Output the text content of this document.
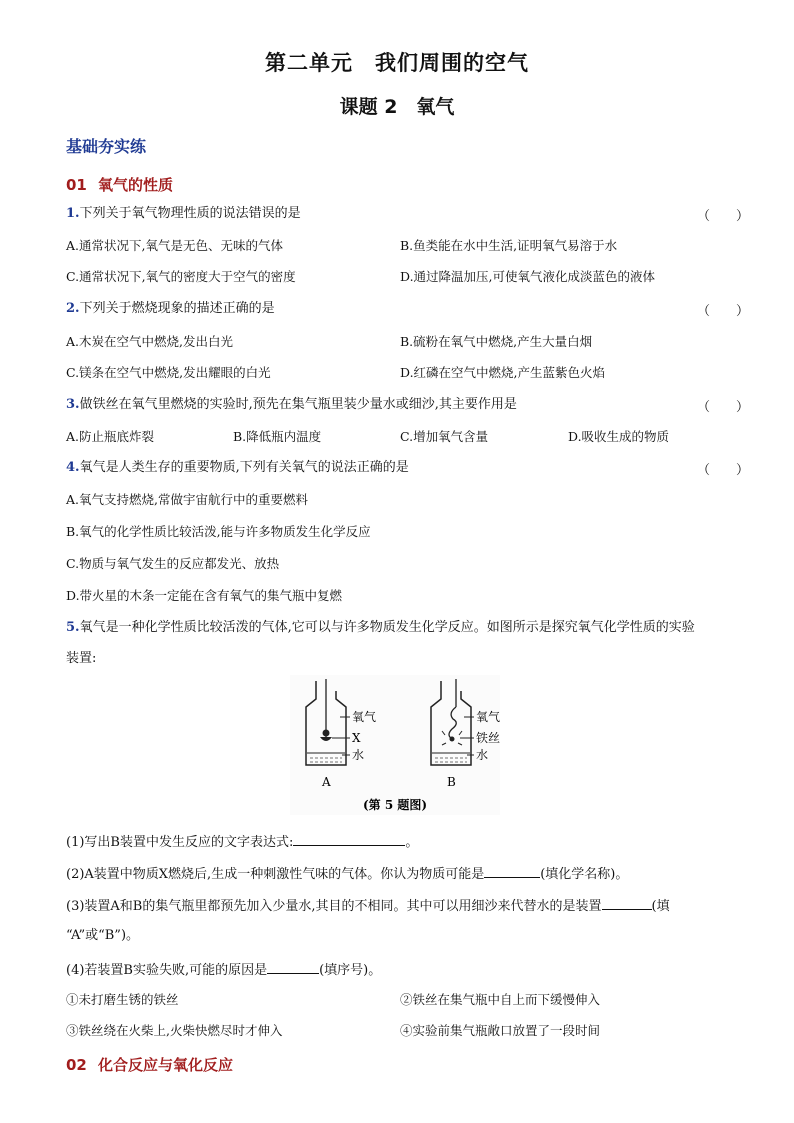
第二单元　我们周围的空气
课题 2　氧气
基础夯实练
01 氧气的性质
1.下列关于氧气物理性质的说法错误的是	（　　）
A.通常状况下,氧气是无色、无味的气体	B.鱼类能在水中生活,证明氧气易溶于水
C.通常状况下,氧气的密度大于空气的密度	D.通过降温加压,可使氧气液化成淡蓝色的液体
2.下列关于燃烧现象的描述正确的是	（　　）
A.木炭在空气中燃烧,发出白光	B.硫粉在氧气中燃烧,产生大量白烟
C.镁条在空气中燃烧,发出耀眼的白光	D.红磷在空气中燃烧,产生蓝紫色火焰
3.做铁丝在氧气里燃烧的实验时,预先在集气瓶里装少量水或细沙,其主要作用是	（　　）
A.防止瓶底炸裂	B.降低瓶内温度	C.增加氧气含量	D.吸收生成的物质
4.氧气是人类生存的重要物质,下列有关氧气的说法正确的是	（　　）
A.氧气支持燃烧,常做宇宙航行中的重要燃料
B.氧气的化学性质比较活泼,能与许多物质发生化学反应
C.物质与氧气发生的反应都发光、放热
D.带火星的木条一定能在含有氧气的集气瓶中复燃
5.氧气是一种化学性质比较活泼的气体,它可以与许多物质发生化学反应。如图所示是探究氧气化学性质的实验
装置:
氧气
X
水
A
氧气
铁丝
水
B
(第 5 题图)
(1)写出B装置中发生反应的文字表达式:	。
(2)A装置中物质X燃烧后,生成一种刺激性气味的气体。你认为物质可能是	(填化学名称)。
(3)装置A和B的集气瓶里都预先加入少量水,其目的不相同。其中可以用细沙来代替水的是装置	(填
“A”或“B”)。
(4)若装置B实验失败,可能的原因是	(填序号)。
①未打磨生锈的铁丝	②铁丝在集气瓶中自上而下缓慢伸入
③铁丝绕在火柴上,火柴快燃尽时才伸入	④实验前集气瓶敞口放置了一段时间
02 化合反应与氧化反应
